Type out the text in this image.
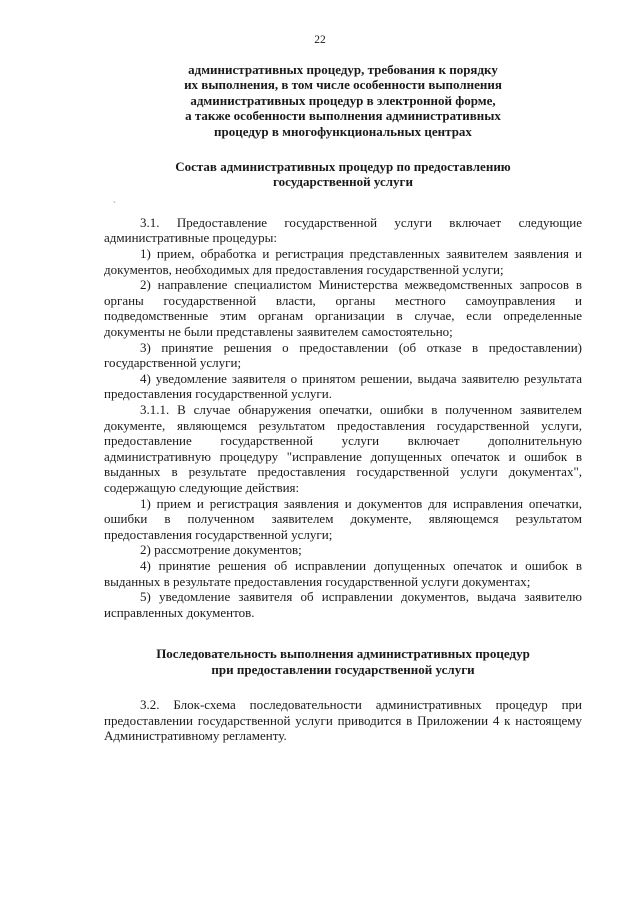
22
`
административных процедур, требования к порядку
их выполнения, в том числе особенности выполнения
административных процедур в электронной форме,
а также особенности выполнения административных
процедур в многофункциональных центрах
Состав административных процедур по предоставлению
государственной услуги

3.1. Предоставление государственной услуги включает следующие административные процедуры:

1) прием, обработка и регистрация представленных заявителем заявления и документов, необходимых для предоставления государственной услуги;

2) направление специалистом Министерства межведомственных запросов в органы государственной власти, органы местного самоуправления и подведомственные этим органам организации в случае, если определенные документы не были представлены заявителем самостоятельно;

3) принятие решения о предоставлении (об отказе в предоставлении) государственной услуги;

4) уведомление заявителя о принятом решении, выдача заявителю результата предоставления государственной услуги.

3.1.1. В случае обнаружения опечатки, ошибки в полученном заявителем документе, являющемся результатом предоставления государственной услуги, предоставление государственной услуги включает дополнительную административную процедуру "исправление допущенных опечаток и ошибок в выданных в результате предоставления государственной услуги документах", содержащую следующие действия:

1) прием и регистрация заявления и документов для исправления опечатки, ошибки в полученном заявителем документе, являющемся результатом предоставления государственной услуги;

2) рассмотрение документов;

4) принятие решения об исправлении допущенных опечаток и ошибок в выданных в результате предоставления государственной услуги документах;

5) уведомление заявителя об исправлении документов, выдача заявителю исправленных документов.

Последовательность выполнения административных процедур
при предоставлении государственной услуги

3.2. Блок-схема последовательности административных процедур при предоставлении государственной услуги приводится в Приложении 4 к настоящему Административному регламенту.
